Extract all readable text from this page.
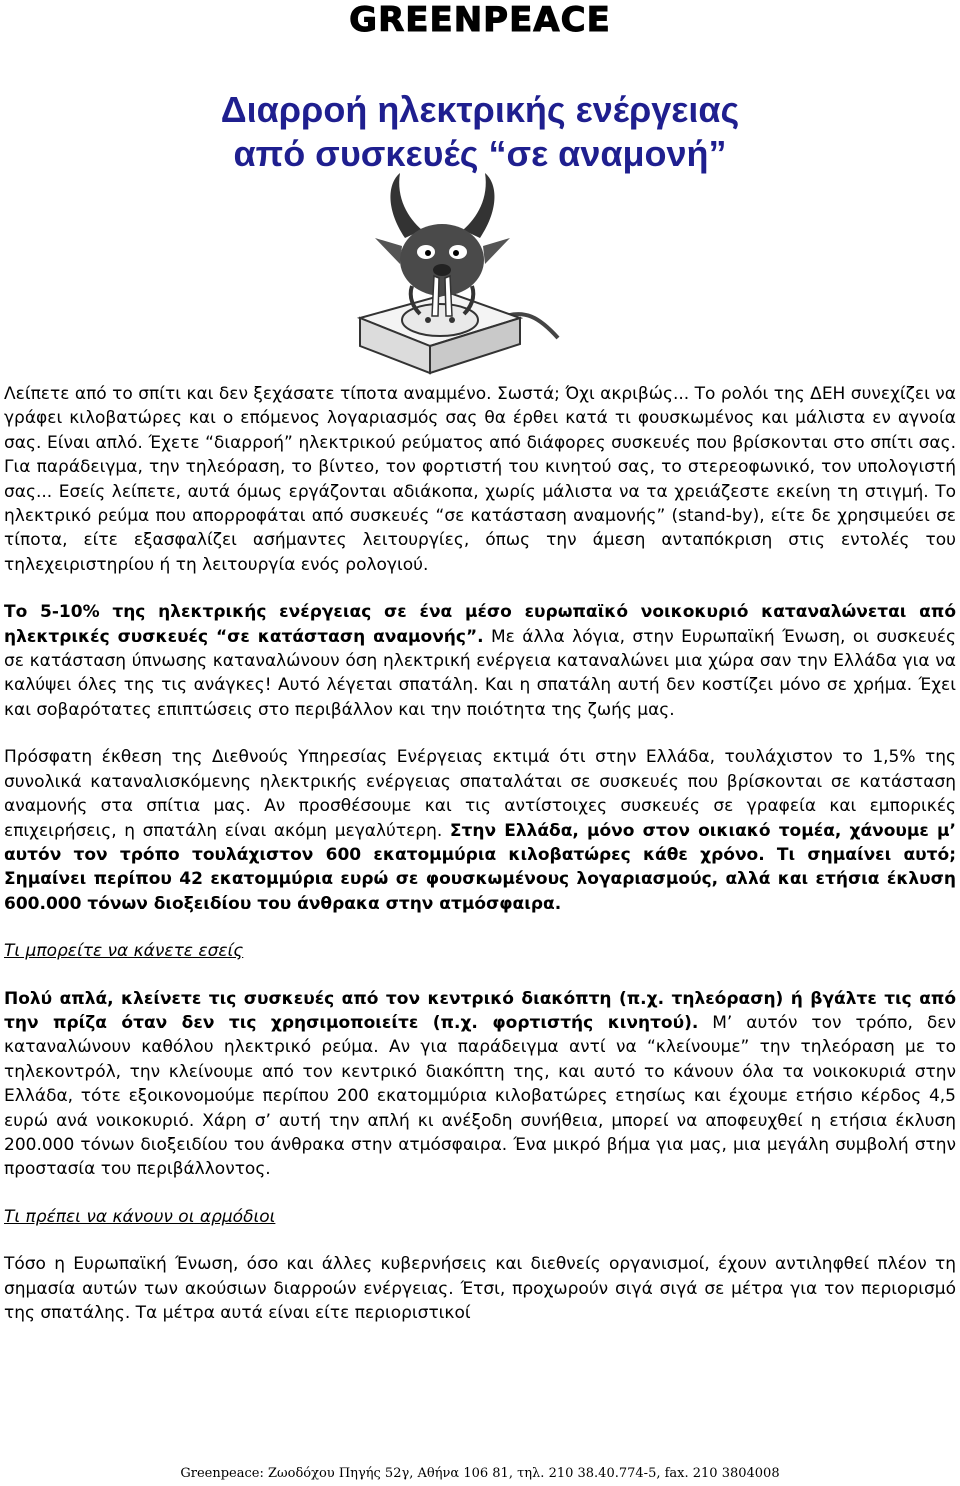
GREENPEACE
Διαρροή ηλεκτρικής ενέργειας
από συσκευές “σε αναμονή”

Λείπετε από το σπίτι και δεν ξεχάσατε τίποτα αναμμένο. Σωστά; Όχι ακριβώς... Το ρολόι της ΔΕΗ συνεχίζει να γράφει κιλοβατώρες και ο επόμενος λογαριασμός σας θα έρθει κατά τι φουσκωμένος και μάλιστα εν αγνοία σας. Είναι απλό. Έχετε “διαρροή” ηλεκτρικού ρεύματος από διάφορες συσκευές που βρίσκονται στο σπίτι σας. Για παράδειγμα, την τηλεόραση, το βίντεο, τον φορτιστή του κινητού σας, το στερεοφωνικό, τον υπολογιστή σας... Εσείς λείπετε, αυτά όμως εργάζονται αδιάκοπα, χωρίς μάλιστα να τα χρειάζεστε εκείνη τη στιγμή. Το ηλεκτρικό ρεύμα που απορροφάται από συσκευές “σε κατάσταση αναμονής” (stand-by), είτε δε χρησιμεύει σε τίποτα, είτε εξασφαλίζει ασήμαντες λειτουργίες, όπως την άμεση ανταπόκριση στις εντολές του τηλεχειριστηρίου ή τη λειτουργία ενός ρολογιού.

Το 5-10% της ηλεκτρικής ενέργειας σε ένα μέσο ευρωπαϊκό νοικοκυριό καταναλώνεται από ηλεκτρικές συσκευές “σε κατάσταση αναμονής”. Με άλλα λόγια, στην Ευρωπαϊκή Ένωση, οι συσκευές σε κατάσταση ύπνωσης καταναλώνουν όση ηλεκτρική ενέργεια καταναλώνει μια χώρα σαν την Ελλάδα για να καλύψει όλες της τις ανάγκες! Αυτό λέγεται σπατάλη. Και η σπατάλη αυτή δεν κοστίζει μόνο σε χρήμα. Έχει και σοβαρότατες επιπτώσεις στο περιβάλλον και την ποιότητα της ζωής μας.

Πρόσφατη έκθεση της Διεθνούς Υπηρεσίας Ενέργειας εκτιμά ότι στην Ελλάδα, τουλάχιστον το 1,5% της συνολικά καταναλισκόμενης ηλεκτρικής ενέργειας σπαταλάται σε συσκευές που βρίσκονται σε κατάσταση αναμονής στα σπίτια μας. Αν προσθέσουμε και τις αντίστοιχες συσκευές σε γραφεία και εμπορικές επιχειρήσεις, η σπατάλη είναι ακόμη μεγαλύτερη. Στην Ελλάδα, μόνο στον οικιακό τομέα, χάνουμε μ’ αυτόν τον τρόπο τουλάχιστον 600 εκατομμύρια κιλοβατώρες κάθε χρόνο. Τι σημαίνει αυτό; Σημαίνει περίπου 42 εκατομμύρια ευρώ σε φουσκωμένους λογαριασμούς, αλλά και ετήσια έκλυση 600.000 τόνων διοξειδίου του άνθρακα στην ατμόσφαιρα.

Τι μπορείτε να κάνετε εσείς

Πολύ απλά, κλείνετε τις συσκευές από τον κεντρικό διακόπτη (π.χ. τηλεόραση) ή βγάλτε τις από την πρίζα όταν δεν τις χρησιμοποιείτε (π.χ. φορτιστής κινητού). Μ’ αυτόν τον τρόπο, δεν καταναλώνουν καθόλου ηλεκτρικό ρεύμα. Αν για παράδειγμα αντί να “κλείνουμε” την τηλεόραση με το τηλεκοντρόλ, την κλείνουμε από τον κεντρικό διακόπτη της, και αυτό το κάνουν όλα τα νοικοκυριά στην Ελλάδα, τότε εξοικονομούμε περίπου 200 εκατομμύρια κιλοβατώρες ετησίως και έχουμε ετήσιο κέρδος 4,5 ευρώ ανά νοικοκυριό. Χάρη σ’ αυτή την απλή κι ανέξοδη συνήθεια, μπορεί να αποφευχθεί η ετήσια έκλυση 200.000 τόνων διοξειδίου του άνθρακα στην ατμόσφαιρα. Ένα μικρό βήμα για μας, μια μεγάλη συμβολή στην προστασία του περιβάλλοντος.

Τι πρέπει να κάνουν οι αρμόδιοι

Τόσο η Ευρωπαϊκή Ένωση, όσο και άλλες κυβερνήσεις και διεθνείς οργανισμοί, έχουν αντιληφθεί πλέον τη σημασία αυτών των ακούσιων διαρροών ενέργειας. Έτσι, προχωρούν σιγά σιγά σε μέτρα για τον περιορισμό της σπατάλης. Τα μέτρα αυτά είναι είτε περιοριστικοί

Greenpeace: Ζωοδόχου Πηγής 52γ, Αθήνα 106 81, τηλ. 210 38.40.774-5, fax. 210 3804008
